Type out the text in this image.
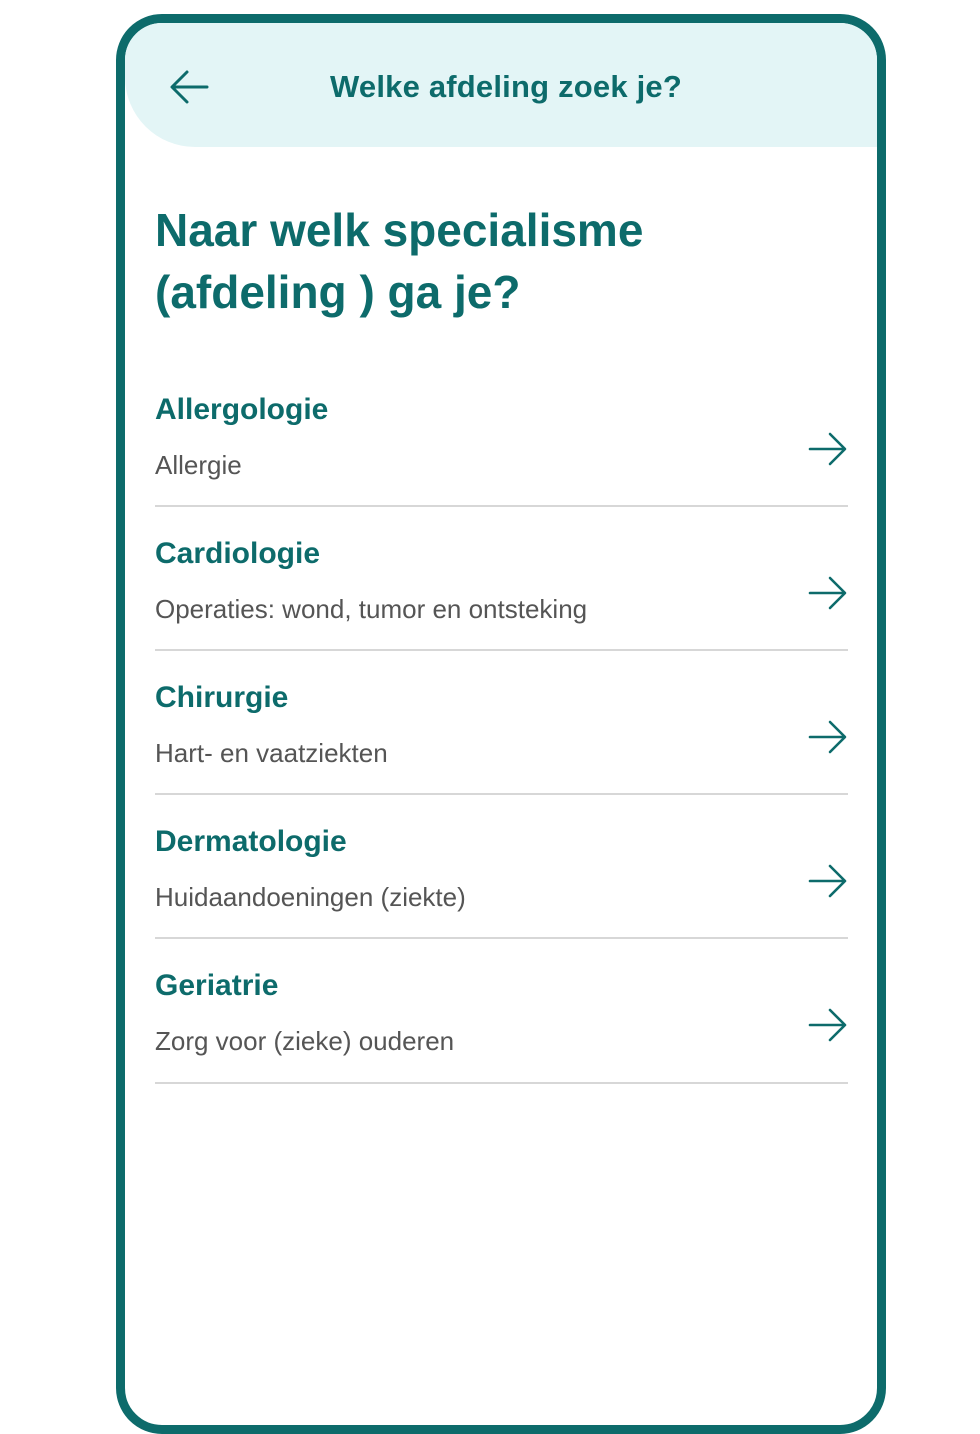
Welke afdeling zoek je?
Naar welk specialisme (afdeling ) ga je?
Allergologie
Allergie
Cardiologie
Operaties: wond, tumor en ontsteking
Chirurgie
Hart- en vaatziekten
Dermatologie
Huidaandoeningen (ziekte)
Geriatrie
Zorg voor (zieke) ouderen
